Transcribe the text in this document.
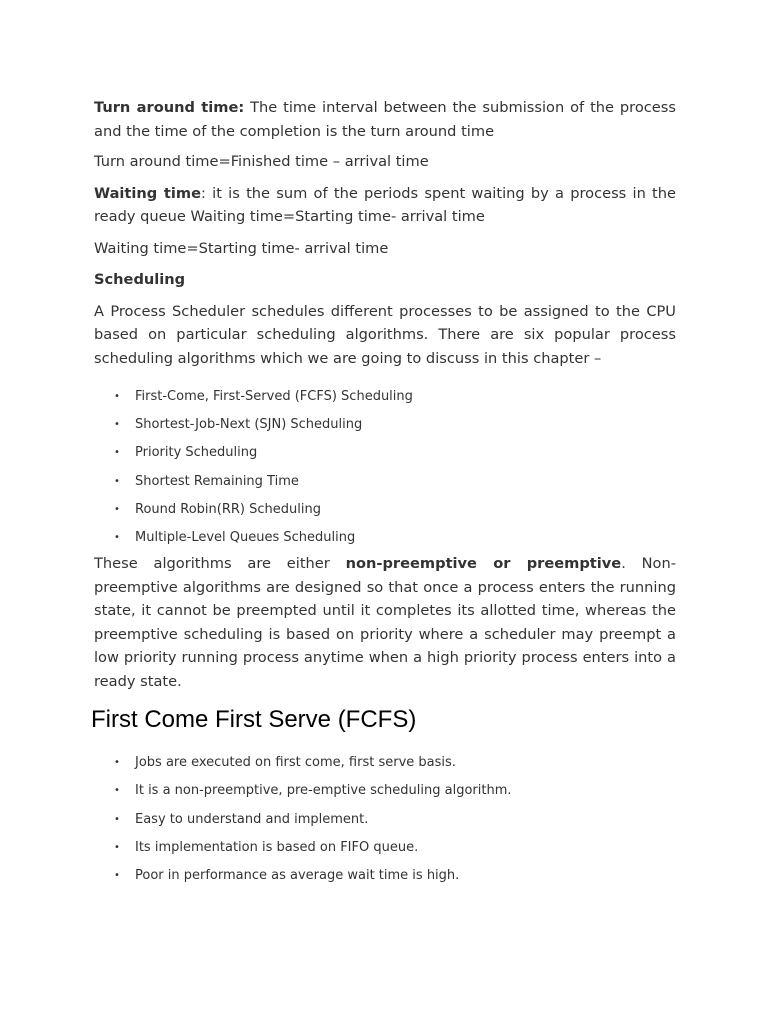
Turn around time: The time interval between the submission of the process and the time of the completion is the turn around time

Turn around time=Finished time – arrival time

Waiting time: it is the sum of the periods spent waiting by a process in the ready queue Waiting time=Starting time- arrival time

Waiting time=Starting time- arrival time

Scheduling

A Process Scheduler schedules different processes to be assigned to the CPU based on particular scheduling algorithms. There are six popular process scheduling algorithms which we are going to discuss in this chapter –

• First-Come, First-Served (FCFS) Scheduling
• Shortest-Job-Next (SJN) Scheduling
• Priority Scheduling
• Shortest Remaining Time
• Round Robin(RR) Scheduling
• Multiple-Level Queues Scheduling

These algorithms are either non-preemptive or preemptive. Non-preemptive algorithms are designed so that once a process enters the running state, it cannot be preempted until it completes its allotted time, whereas the preemptive scheduling is based on priority where a scheduler may preempt a low priority running process anytime when a high priority process enters into a ready state.

First Come First Serve (FCFS)
• Jobs are executed on first come, first serve basis.
• It is a non-preemptive, pre-emptive scheduling algorithm.
• Easy to understand and implement.
• Its implementation is based on FIFO queue.
• Poor in performance as average wait time is high.
